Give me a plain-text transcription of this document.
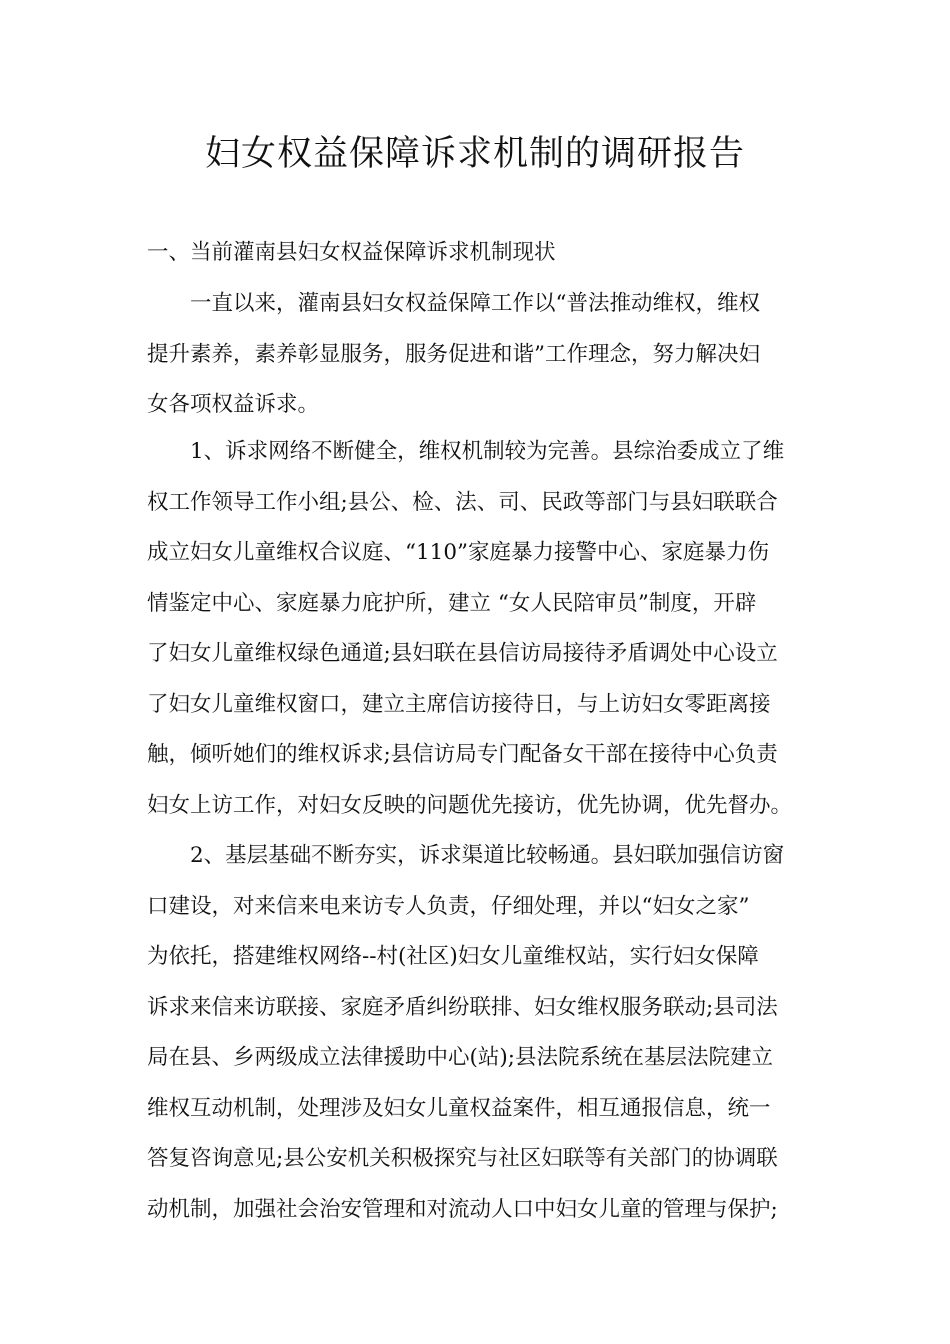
妇女权益保障诉求机制的调研报告

一、当前灌南县妇女权益保障诉求机制现状

一直以来，灌南县妇女权益保障工作以“普法推动维权，维权
提升素养，素养彰显服务，服务促进和谐”工作理念，努力解决妇
女各项权益诉求。
1、诉求网络不断健全，维权机制较为完善。县综治委成立了维
权工作领导工作小组;县公、检、法、司、民政等部门与县妇联联合
成立妇女儿童维权合议庭、“110”家庭暴力接警中心、家庭暴力伤
情鉴定中心、家庭暴力庇护所，建立 “女人民陪审员”制度，开辟
了妇女儿童维权绿色通道;县妇联在县信访局接待矛盾调处中心设立
了妇女儿童维权窗口，建立主席信访接待日，与上访妇女零距离接
触，倾听她们的维权诉求;县信访局专门配备女干部在接待中心负责
妇女上访工作，对妇女反映的问题优先接访，优先协调，优先督办。
2、基层基础不断夯实，诉求渠道比较畅通。县妇联加强信访窗
口建设，对来信来电来访专人负责，仔细处理，并以“妇女之家”
为依托，搭建维权网络--村(社区)妇女儿童维权站，实行妇女保障
诉求来信来访联接、家庭矛盾纠纷联排、妇女维权服务联动;县司法
局在县、乡两级成立法律援助中心(站);县法院系统在基层法院建立
维权互动机制，处理涉及妇女儿童权益案件，相互通报信息，统一
答复咨询意见;县公安机关积极探究与社区妇联等有关部门的协调联
动机制，加强社会治安管理和对流动人口中妇女儿童的管理与保护;
